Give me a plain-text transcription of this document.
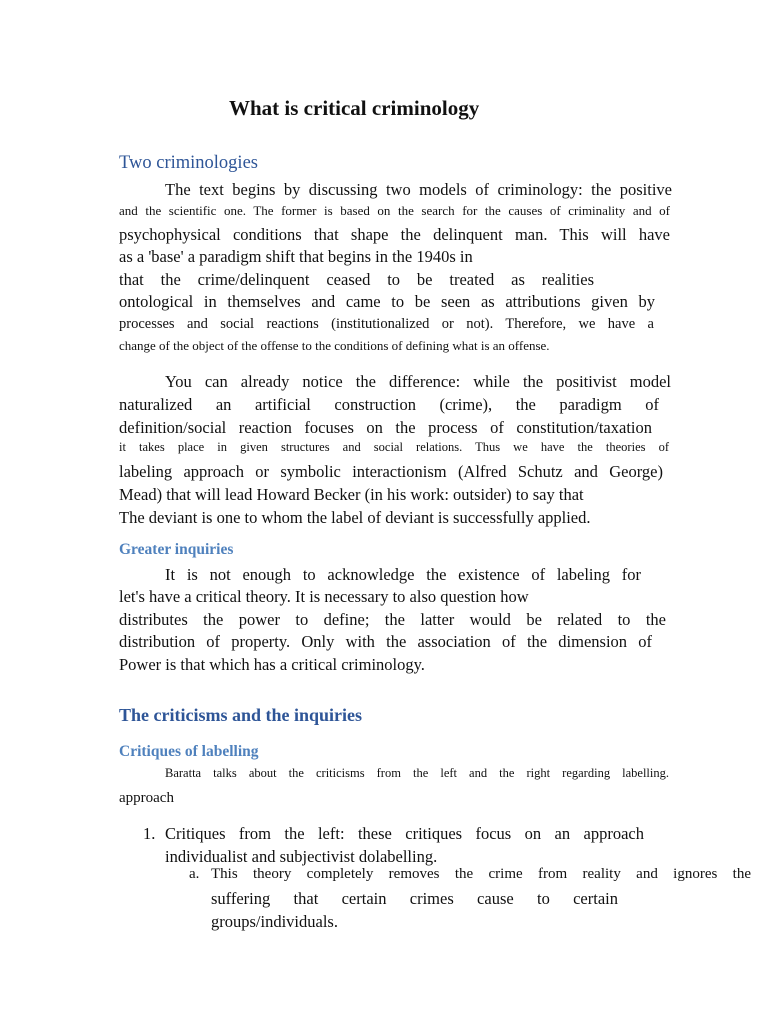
What is critical criminology
Two criminologies

The text begins by discussing two models of criminology: the positive

and the scientific one. The former is based on the search for the causes of criminality and of

psychophysical conditions that shape the delinquent man. This will have

as a 'base' a paradigm shift that begins in the 1940s in

that the crime/delinquent ceased to be treated as realities

ontological in themselves and came to be seen as attributions given by

processes and social reactions (institutionalized or not). Therefore, we have a

change of the object of the offense to the conditions of defining what is an offense.

You can already notice the difference: while the positivist model

naturalized an artificial construction (crime), the paradigm of

definition/social reaction focuses on the process of constitution/taxation

it takes place in given structures and social relations. Thus we have the theories of

labeling approach or symbolic interactionism (Alfred Schutz and George)

Mead) that will lead Howard Becker (in his work: outsider) to say that

The deviant is one to whom the label of deviant is successfully applied.

Greater inquiries

It is not enough to acknowledge the existence of labeling for

let's have a critical theory. It is necessary to also question how

distributes the power to define; the latter would be related to the

distribution of property. Only with the association of the dimension of

Power is that which has a critical criminology.

The criticisms and the inquiries
Critiques of labelling

Baratta talks about the criticisms from the left and the right regarding labelling.

approach

1. Critiques from the left: these critiques focus on an approach

individualist and subjectivist dolabelling.

a. This theory completely removes the crime from reality and ignores the

suffering that certain crimes cause to certain

groups/individuals.
